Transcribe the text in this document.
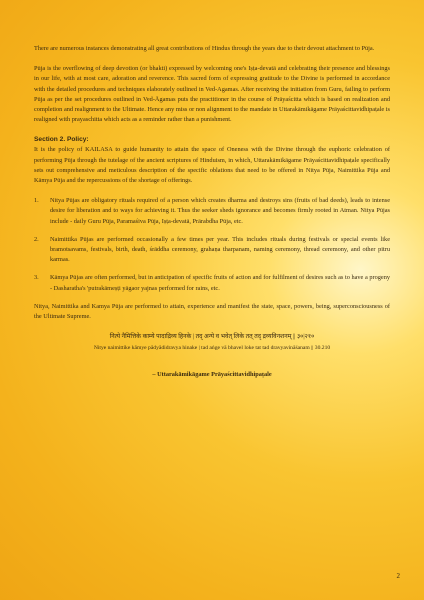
There are numerous instances demonstrating all great contributions of Hindus through the years due to their devout attachment to Pūja.

Pūja is the overflowing of deep devotion (or bhakti) expressed by welcoming one's Iṣṭa-devatā and celebrating their presence and blessings in our life, with at most care, adoration and reverence. This sacred form of expressing gratitude to the Divine is performed in accordance with the detailed procedures and techniques elaborately outlined in Ved-Agamas. After receiving the initiation from Guru, failing to perform Pūja as per the set procedures outlined in Ved-Āgamas puts the practitioner in the course of Prāyaścitta which is based on realization and completion and realignment to the Ultimate. Hence any miss or non alignment to the mandate in Uttarakāmikāgame Prāyaścittavidhipaṭale is realigned with prayaschitta which acts as a reminder rather than a punishment.

Section 2. Policy:

It is the policy of KAILASA to guide humanity to attain the space of Oneness with the Divine through the euphoric celebration of performing Pūja through the tutelage of the ancient scriptures of Hinduism, in which, Uttarakāmikāgame Prāyaścittavidhipaṭale specifically sets out comprehensive and meticulous description of the specific oblations that need to be offered in Nitya Pūja, Naimittika Pūja and Kāmya Pūja and the repercussions of the shortage of offerings.

1. Nitya Pūjas are obligatory rituals required of a person which creates dharma and destroys sins (fruits of bad deeds), leads to intense desire for liberation and to ways for achieving it. Thus the seeker sheds ignorance and becomes firmly rooted in Atman. Nitya Pūjas include - daily Guru Pūja, Paramaśiva Pūja, Iṣṭa-devatā, Prārabdha Pūja, etc.
2. Naimittika Pūjas are performed occasionally a few times per year. This includes rituals during festivals or special events like bramotsavams, festivals, birth, death, śrāddha ceremony, grahaṇa tharpanam, naming ceremony, thread ceremony, and other pitru karmas.
3. Kāmya Pūjas are often performed, but in anticipation of specific fruits of action and for fulfilment of desires such as to have a progeny - Dasharatha's 'putrakāmeṣṭi yāgaor yajnas performed for rains, etc.

Nitya, Naimittika and Kamya Pūja are performed to attain, experience and manifest the state, space, powers, being, superconsciousness of the Ultimate Supreme.

नित्ये नैमित्तिके काम्ये पादाद्रिव्य हिनके | तद् अन्ये व भवेत् लिके तत् तद् द्रव्यविनशनम् || ३०|२१०
Nitye naimittike kāmye pādyādidravya hinake | tad aṅge vā bhavel loke tat tad dravyavināśanam || 30.210
– Uttarakāmikāgame Prāyaścittavidhipaṭale
2
